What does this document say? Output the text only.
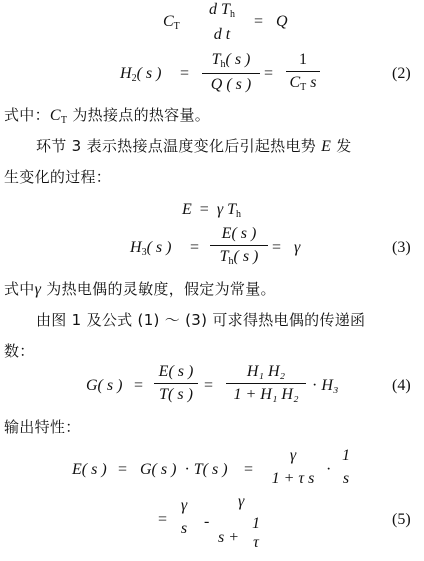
$C_T$
d $T_h$
d t
= Q
$H_2$( s ) =
$T_h$( s )
Q ( s )
=
1
$C_T$ s
(2)
式中：$C_T$ 为热接点的热容量。
环节 3 表示热接点温度变化后引起热电势 E 发
生变化的过程：
E = γ $T_h$
$H_3$( s ) =
E( s )
$T_h$( s )
= γ	(3)
式中γ 为热电偶的灵敏度，假定为常量。
由图 1 及公式 (1) ～ (3) 可求得热电偶的传递函
数：
G( s ) =
E( s )
T( s )
=
H₁ H₂
1 + H₁ H₂
· H₃	(4)
输出特性：
E( s ) = G( s ) · T( s ) =
γ
1 + τ s
·
1
s
=
γ
s	-
γ
s +
1
τ
(5)
